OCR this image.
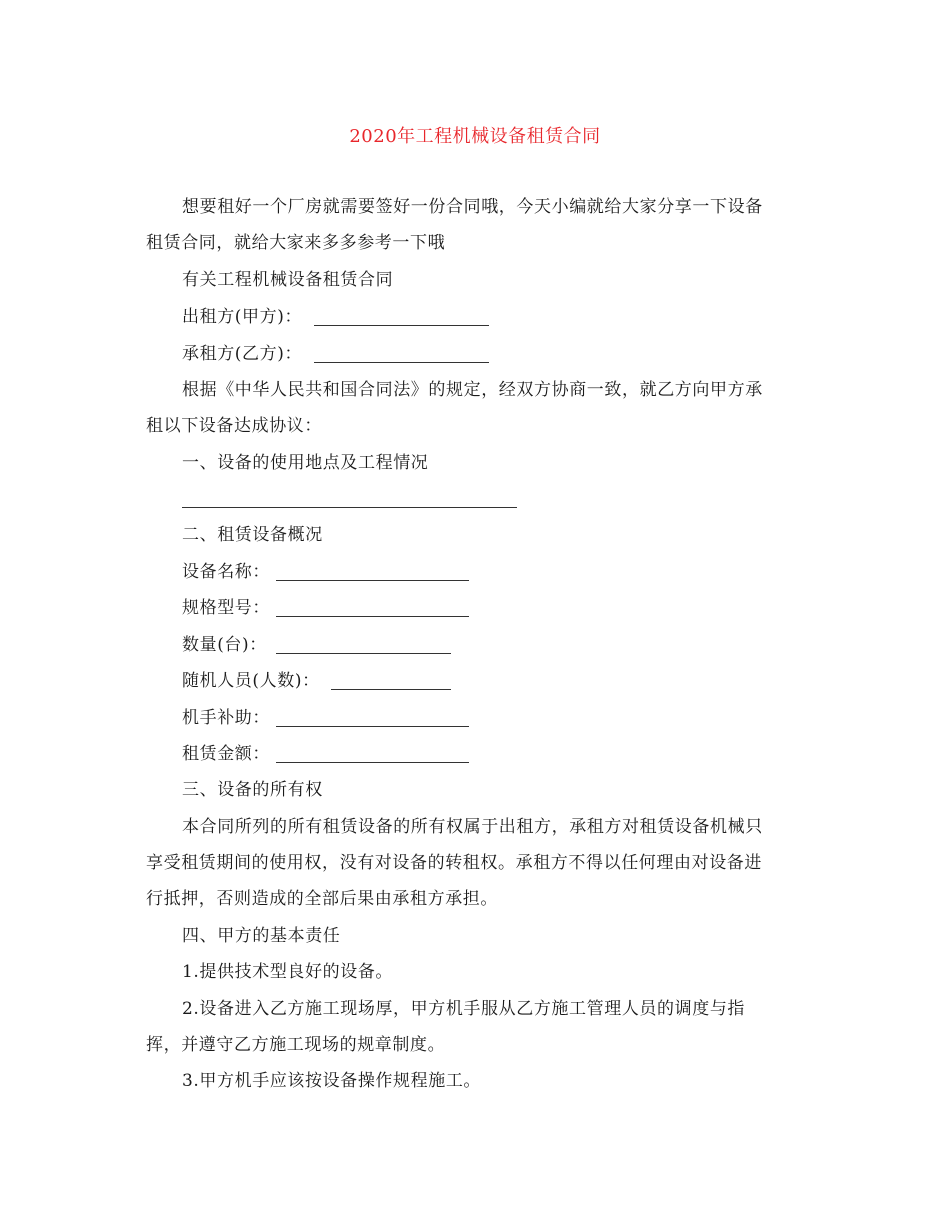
2020年工程机械设备租赁合同
想要租好一个厂房就需要签好一份合同哦，今天小编就给大家分享一下设备
租赁合同，就给大家来多多参考一下哦
有关工程机械设备租赁合同
出租方(甲方)：
承租方(乙方)：
根据《中华人民共和国合同法》的规定，经双方协商一致，就乙方向甲方承
租以下设备达成协议：
一、设备的使用地点及工程情况
二、租赁设备概况
设备名称：
规格型号：
数量(台)：
随机人员(人数)：
机手补助：
租赁金额：
三、设备的所有权
本合同所列的所有租赁设备的所有权属于出租方，承租方对租赁设备机械只
享受租赁期间的使用权，没有对设备的转租权。承租方不得以任何理由对设备进
行抵押，否则造成的全部后果由承租方承担。
四、甲方的基本责任
1.提供技术型良好的设备。
2.设备进入乙方施工现场厚，甲方机手服从乙方施工管理人员的调度与指
挥，并遵守乙方施工现场的规章制度。
3.甲方机手应该按设备操作规程施工。
